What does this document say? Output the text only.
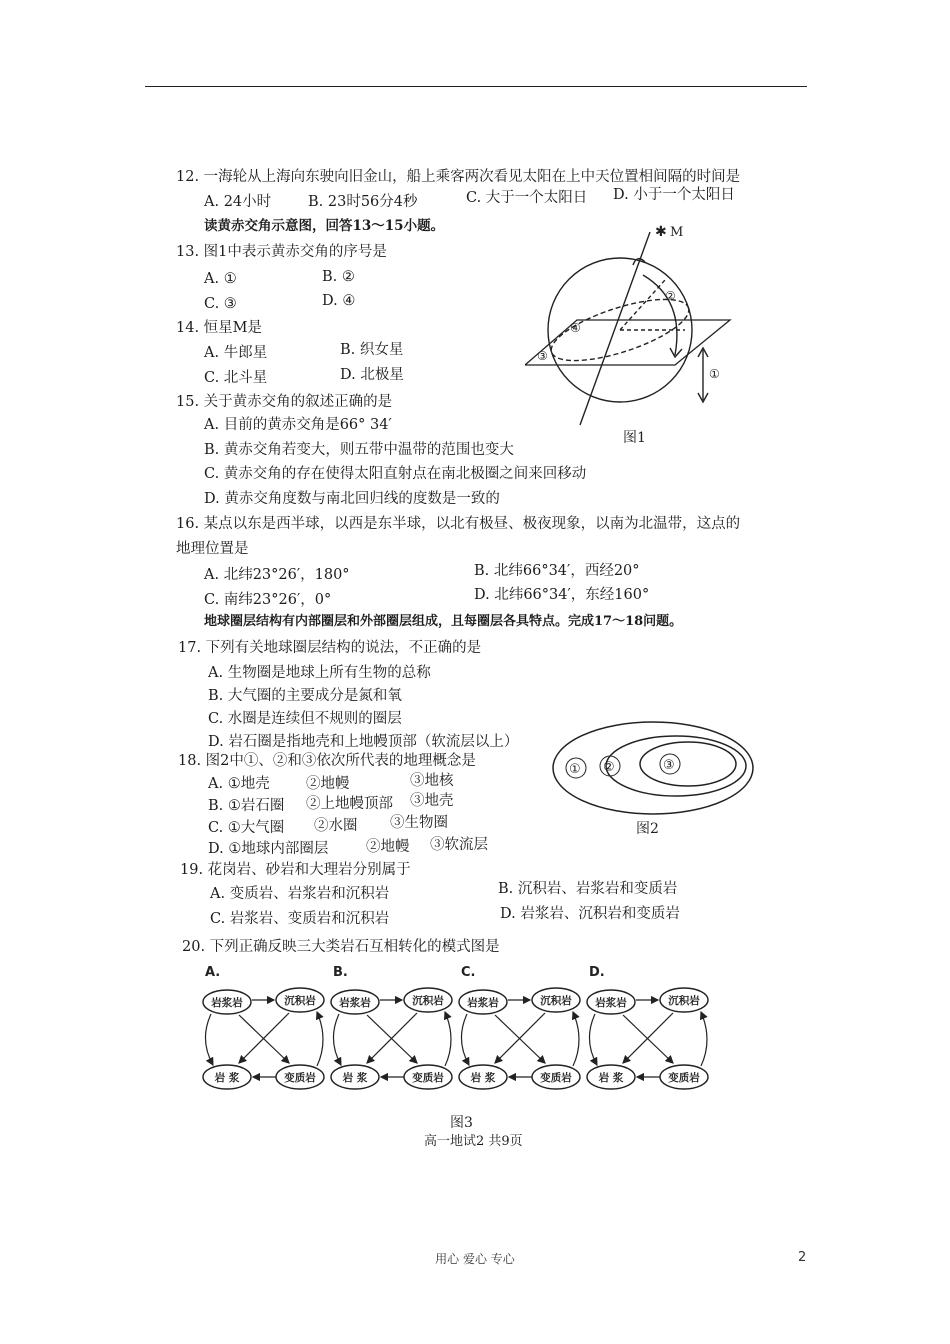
12. 一海轮从上海向东驶向旧金山，船上乘客两次看见太阳在上中天位置相间隔的时间是
A. 24小时	B. 23时56分4秒	C. 大于一个太阳日 D. 小于一个太阳日
读黄赤交角示意图，回答13～15小题。
13. 图1中表示黄赤交角的序号是
A. ①	B. ②
C. ③	D. ④
14. 恒星M是
A. 牛郎星	B. 织女星
C. 北斗星	D. 北极星
15. 关于黄赤交角的叙述正确的是
A. 目前的黄赤交角是66° 34′
B. 黄赤交角若变大，则五带中温带的范围也变大
C. 黄赤交角的存在使得太阳直射点在南北极圈之间来回移动
D. 黄赤交角度数与南北回归线的度数是一致的
✱ M
②
④
③
①
图1
16. 某点以东是西半球，以西是东半球，以北有极昼、极夜现象，以南为北温带，这点的
地理位置是
A. 北纬23°26′，180°	B. 北纬66°34′，西经20°
C. 南纬23°26′，0°	D. 北纬66°34′，东经160°
地球圈层结构有内部圈层和外部圈层组成，且每圈层各具特点。完成17～18问题。
17. 下列有关地球圈层结构的说法，不正确的是
A. 生物圈是地球上所有生物的总称
B. 大气圈的主要成分是氮和氧
C. 水圈是连续但不规则的圈层
D. 岩石圈是指地壳和上地幔顶部（软流层以上）
18. 图2中①、②和③依次所代表的地理概念是
A. ①地壳	②地幔	③地核
B. ①岩石圈 ②上地幔顶部 ③地壳
C. ①大气圈 ②水圈 ③生物圈
D. ①地球内部圈层	②地幔 ③软流层
① ②	③
图2
19. 花岗岩、砂岩和大理岩分别属于
A. 变质岩、岩浆岩和沉积岩	B. 沉积岩、岩浆岩和变质岩
C. 岩浆岩、变质岩和沉积岩	D. 岩浆岩、沉积岩和变质岩
20. 下列正确反映三大类岩石互相转化的模式图是
A.
岩浆岩	沉积岩
岩 浆	变质岩
B.
岩浆岩	沉积岩
岩 浆	变质岩
C.
岩浆岩	沉积岩
岩 浆	变质岩
D.
岩浆岩	沉积岩
岩 浆	变质岩
图3
高一地试2 共9页
用心 爱心 专心	2
